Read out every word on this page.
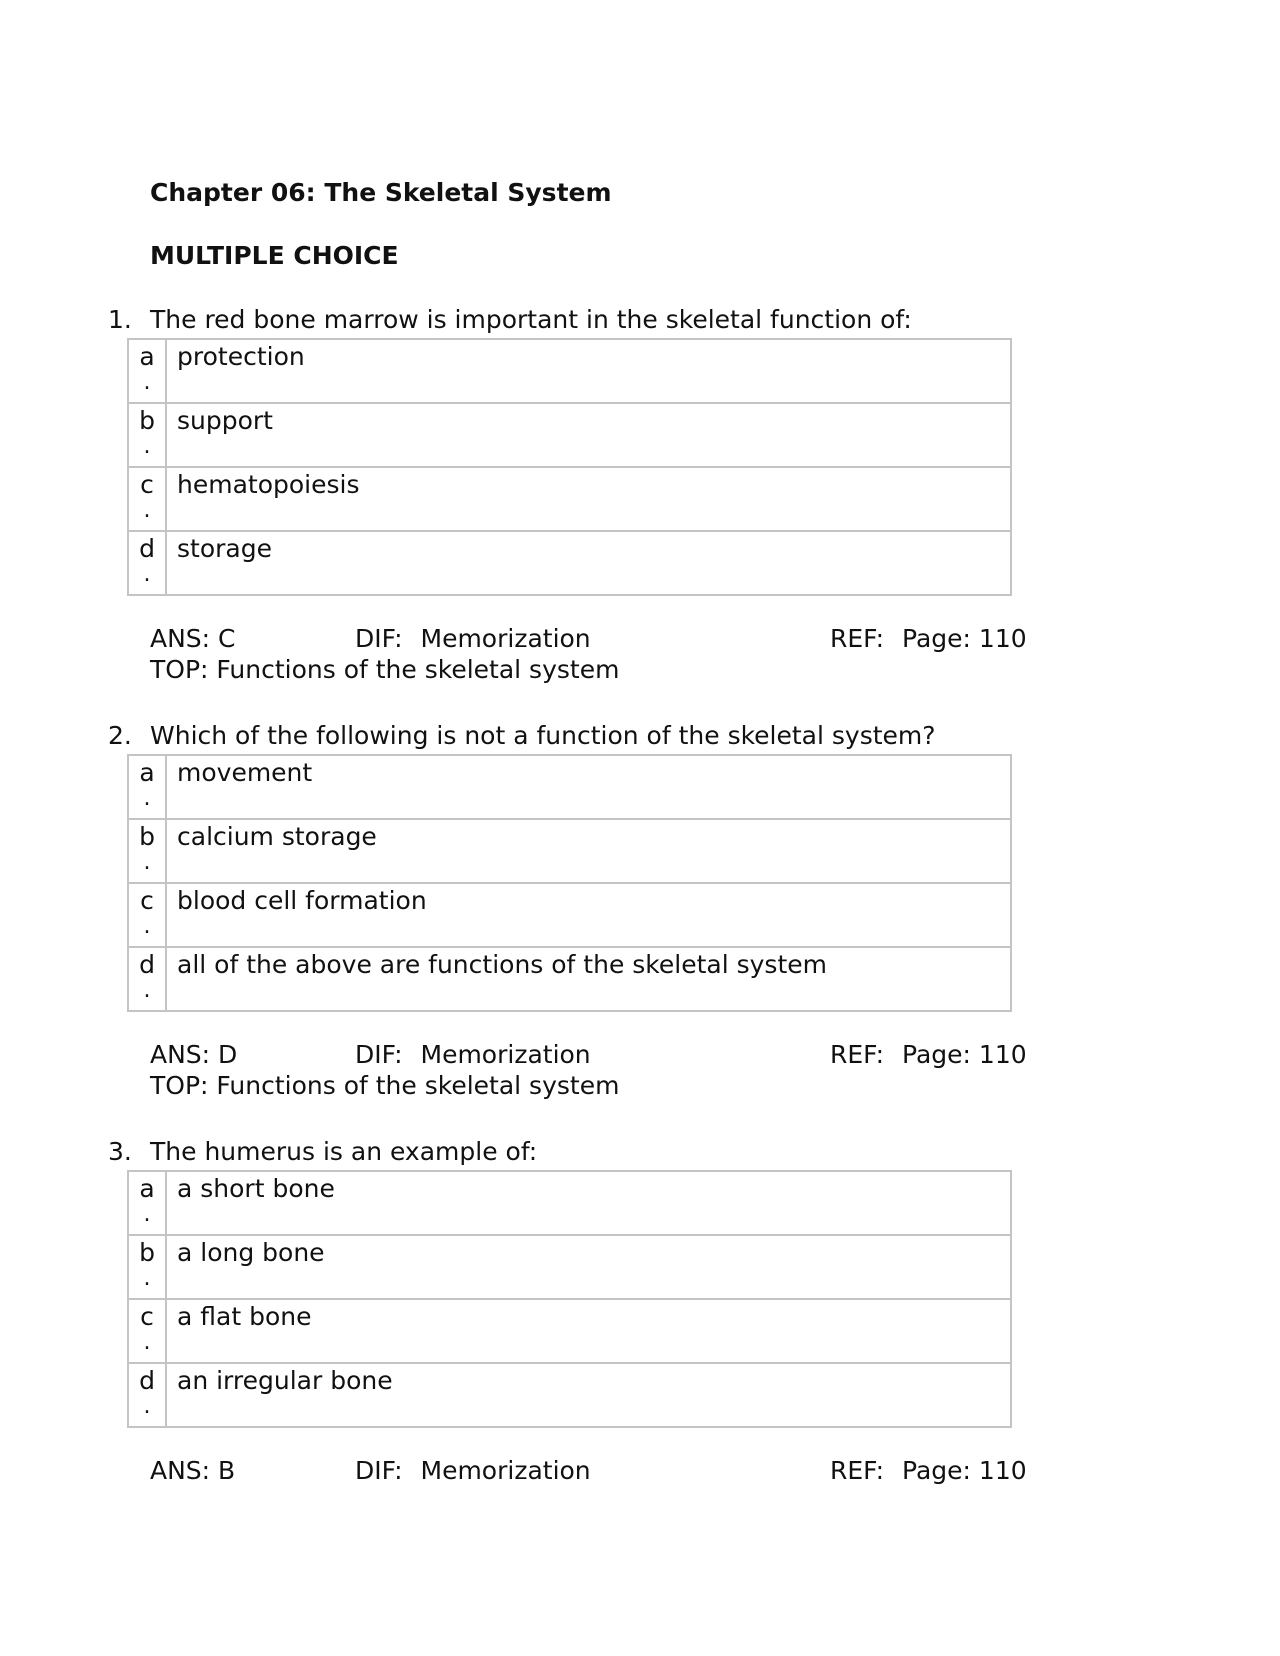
Chapter 06: The Skeletal System
MULTIPLE CHOICE
1. The red bone marrow is important in the skeletal function of:
a
.	protection
b
.	support
c
.	hematopoiesis
d
.	storage
ANS: C	DIF: Memorization	REF: Page: 110
TOP: Functions of the skeletal system
2. Which of the following is not a function of the skeletal system?
a
.	movement
b
.	calcium storage
c
.	blood cell formation
d
.	all of the above are functions of the skeletal system
ANS: D	DIF: Memorization	REF: Page: 110
TOP: Functions of the skeletal system
3. The humerus is an example of:
a
.	a short bone
b
.	a long bone
c
.	a flat bone
d
.	an irregular bone
ANS: B	DIF: Memorization	REF: Page: 110
